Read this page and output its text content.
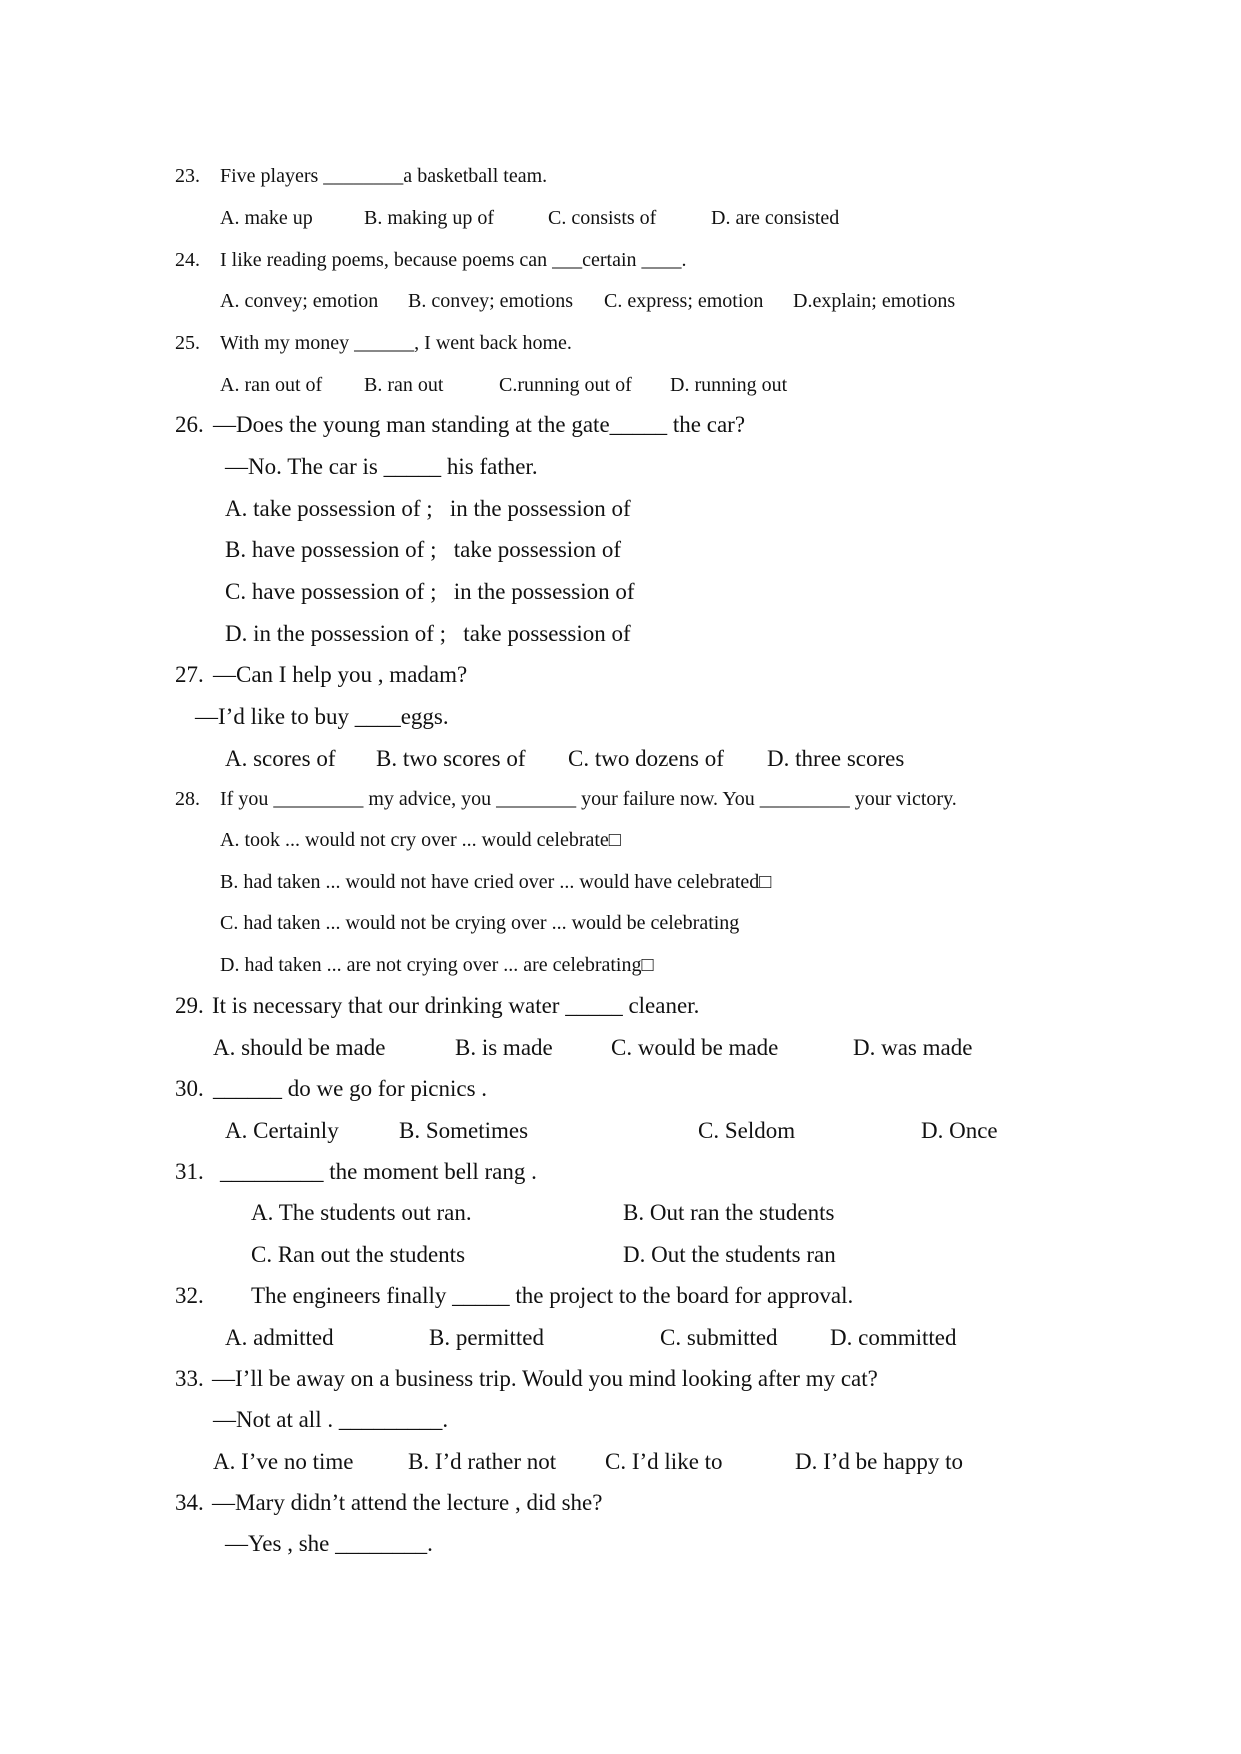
23. Five players ________a basketball team.
A. make up	B. making up of	C. consists of	D. are consisted
24. I like reading poems, because poems can ___certain ____.
A. convey; emotion B. convey; emotions C. express; emotion D.explain; emotions
25. With my money ______, I went back home.
A. ran out of B. ran out	C.running out of D. running out
26. —Does the young man standing at the gate_____ the car?
—No. The car is _____ his father.
A. take possession of ;   in the possession of
B. have possession of ;   take possession of
C. have possession of ;   in the possession of
D. in the possession of ;   take possession of
27. —Can I help you , madam?
—I’d like to buy ____eggs.
A. scores of B. two scores of C. two dozens of D. three scores
28. If you _________ my advice, you ________ your failure now. You _________ your victory.
A. took ... would not cry over ... would celebrate□
B. had taken ... would not have cried over ... would have celebrated□
C. had taken ... would not be crying over ... would be celebrating
D. had taken ... are not crying over ... are celebrating□
29. It is necessary that our drinking water _____ cleaner.
A. should be made	B. is made	C. would be made	D. was made
30. ______ do we go for picnics .
A. Certainly	B. Sometimes	C. Seldom	D. Once
31. _________ the moment bell rang .
A. The students out ran.	B. Out ran the students
C. Ran out the students	D. Out the students ran
32. The engineers finally _____ the project to the board for approval.
A. admitted	B. permitted	C. submitted D. committed
33. —I’ll be away on a business trip. Would you mind looking after my cat?
—Not at all . _________.
A. I’ve no time B. I’d rather not C. I’d like to	D. I’d be happy to
34. —Mary didn’t attend the lecture , did she?
—Yes , she ________.
